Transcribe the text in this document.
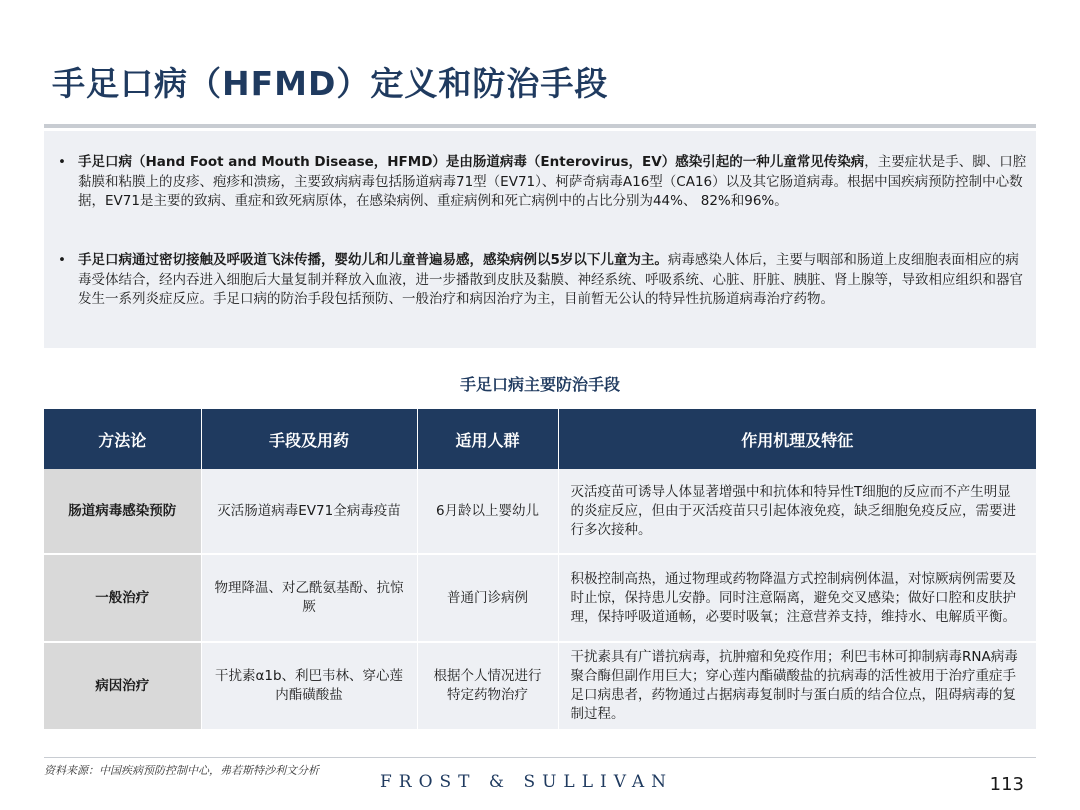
手足口病（HFMD）定义和防治手段
• 手足口病（Hand Foot and Mouth Disease，HFMD）是由肠道病毒（Enterovirus，EV）感染引起的一种儿童常见传染病，主要症状是手、脚、口腔黏膜和粘膜上的皮疹、疱疹和溃疡，主要致病病毒包括肠道病毒71型（EV71）、柯萨奇病毒A16型（CA16）以及其它肠道病毒。根据中国疾病预防控制中心数据，EV71是主要的致病、重症和致死病原体，在感染病例、重症病例和死亡病例中的占比分别为44%、 82%和96%。
• 手足口病通过密切接触及呼吸道飞沫传播，婴幼儿和儿童普遍易感，感染病例以5岁以下儿童为主。病毒感染人体后，主要与咽部和肠道上皮细胞表面相应的病毒受体结合，经内吞进入细胞后大量复制并释放入血液，进一步播散到皮肤及黏膜、神经系统、呼吸系统、心脏、肝脏、胰脏、肾上腺等，导致相应组织和器官发生一系列炎症反应。手足口病的防治手段包括预防、一般治疗和病因治疗为主，目前暂无公认的特异性抗肠道病毒治疗药物。
手足口病主要防治手段
方法论	手段及用药	适用人群	作用机理及特征
肠道病毒感染预防	灭活肠道病毒EV71全病毒疫苗	6月龄以上婴幼儿	灭活疫苗可诱导人体显著增强中和抗体和特异性T细胞的反应而不产生明显的炎症反应，但由于灭活疫苗只引起体液免疫，缺乏细胞免疫反应，需要进行多次接种。
一般治疗	物理降温、对乙酰氨基酚、抗惊厥	普通门诊病例	积极控制高热，通过物理或药物降温方式控制病例体温，对惊厥病例需要及时止惊，保持患儿安静。同时注意隔离，避免交叉感染；做好口腔和皮肤护理，保持呼吸道通畅，必要时吸氧；注意营养支持，维持水、电解质平衡。
病因治疗	干扰素α1b、利巴韦林、穿心莲内酯磺酸盐	根据个人情况进行特定药物治疗	干扰素具有广谱抗病毒，抗肿瘤和免疫作用；利巴韦林可抑制病毒RNA病毒聚合酶但副作用巨大；穿心莲内酯磺酸盐的抗病毒的活性被用于治疗重症手足口病患者，药物通过占据病毒复制时与蛋白质的结合位点，阻碍病毒的复制过程。
资料来源：中国疾病预防控制中心，弗若斯特沙利文分析
FROST & SULLIVAN	113
